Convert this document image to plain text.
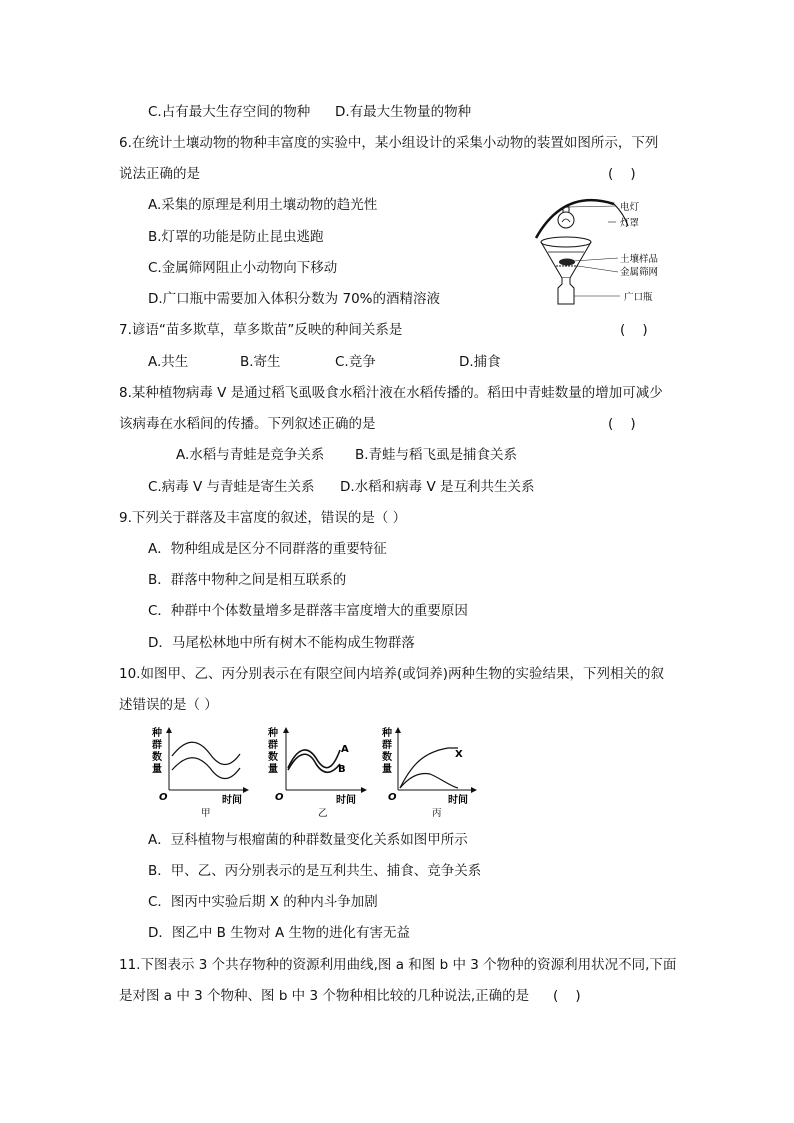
C.占有最大生存空间的物种 D.有最大生物量的物种
6.在统计土壤动物的物种丰富度的实验中，某小组设计的采集小动物的装置如图所示，下列
说法正确的是	(    )
A.采集的原理是利用土壤动物的趋光性
B.灯罩的功能是防止昆虫逃跑
C.金属筛网阻止小动物向下移动
D.广口瓶中需要加入体积分数为 70%的酒精溶液
电灯
灯罩
土壤样品
金属筛网
广口瓶
7.谚语“苗多欺草，草多欺苗”反映的种间关系是	(    )
A.共生	B.寄生	C.竞争	D.捕食
8.某种植物病毒 V 是通过稻飞虱吸食水稻汁液在水稻传播的。稻田中青蛙数量的增加可减少
该病毒在水稻间的传播。下列叙述正确的是	(    )
A.水稻与青蛙是竞争关系 B.青蛙与稻飞虱是捕食关系
C.病毒 V 与青蛙是寄生关系 D.水稻和病毒 V 是互利共生关系
9.下列关于群落及丰富度的叙述，错误的是（ ）
A．物种组成是区分不同群落的重要特征
B．群落中物种之间是相互联系的
C．种群中个体数量增多是群落丰富度增大的重要原因
D．马尾松林地中所有树木不能构成生物群落
10.如图甲、乙、丙分别表示在有限空间内培养(或饲养)两种生物的实验结果，下列相关的叙
述错误的是（ ）
种
群
数
量
O	时间
甲
种
群
数
量
A
B
O	时间
乙
种
群
数
量
X
O	时间
丙
A．豆科植物与根瘤菌的种群数量变化关系如图甲所示
B．甲、乙、丙分别表示的是互利共生、捕食、竞争关系
C．图丙中实验后期 X 的种内斗争加剧
D．图乙中 B 生物对 A 生物的进化有害无益
11.下图表示 3 个共存物种的资源利用曲线,图 a 和图 b 中 3 个物种的资源利用状况不同,下面
是对图 a 中 3 个物种、图 b 中 3 个物种相比较的几种说法,正确的是 (    )
